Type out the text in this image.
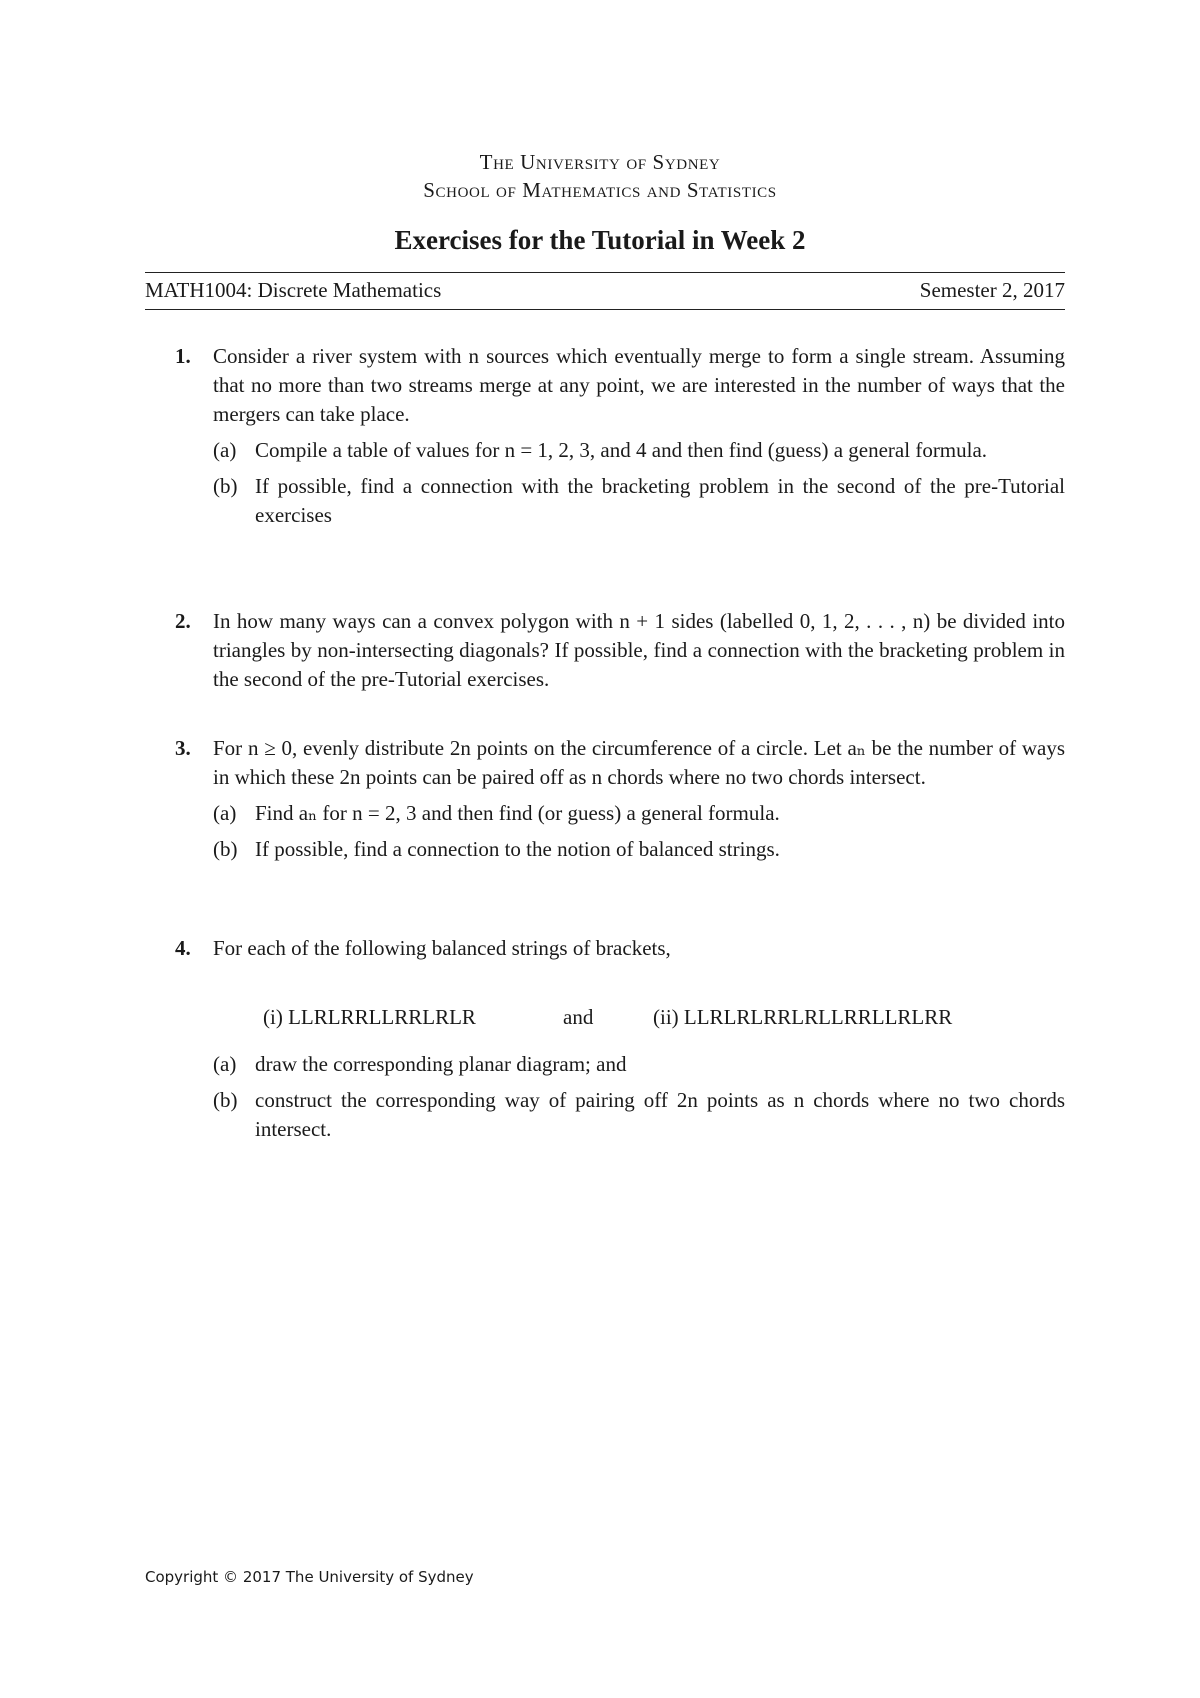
The University of Sydney
School of Mathematics and Statistics
Exercises for the Tutorial in Week 2
MATH1004: Discrete Mathematics	Semester 2, 2017
1. Consider a river system with n sources which eventually merge to form a single stream. Assuming that no more than two streams merge at any point, we are interested in the number of ways that the mergers can take place.
(a) Compile a table of values for n = 1, 2, 3, and 4 and then find (guess) a general formula.
(b) If possible, find a connection with the bracketing problem in the second of the pre-Tutorial exercises
2. In how many ways can a convex polygon with n + 1 sides (labelled 0, 1, 2, . . . , n) be divided into triangles by non-intersecting diagonals? If possible, find a connection with the bracketing problem in the second of the pre-Tutorial exercises.
3. For n ≥ 0, evenly distribute 2n points on the circumference of a circle. Let aₙ be the number of ways in which these 2n points can be paired off as n chords where no two chords intersect.
(a) Find aₙ for n = 2, 3 and then find (or guess) a general formula.
(b) If possible, find a connection to the notion of balanced strings.
4. For each of the following balanced strings of brackets,
(i) LLRLRRLLRRLRLR	and	(ii) LLRLRLRRLRLLRRLLRLRR
(a) draw the corresponding planar diagram; and
(b) construct the corresponding way of pairing off 2n points as n chords where no two chords intersect.
Copyright © 2017 The University of Sydney
